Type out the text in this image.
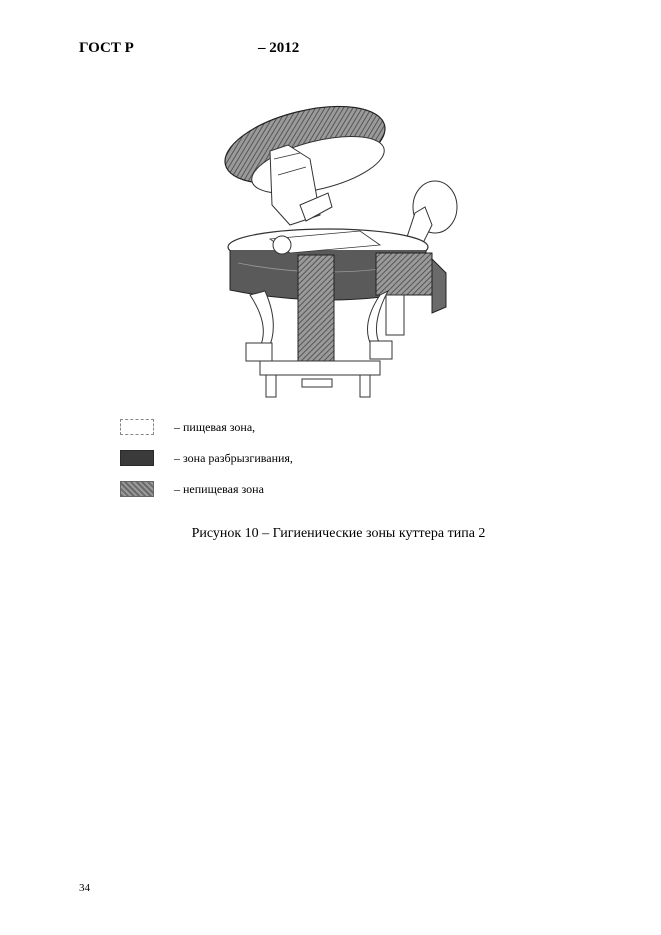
ГОСТ Р	– 2012
– пищевая зона,
– зона разбрызгивания,
– непищевая зона
Рисунок 10 – Гигиенические зоны куттера типа 2
34
